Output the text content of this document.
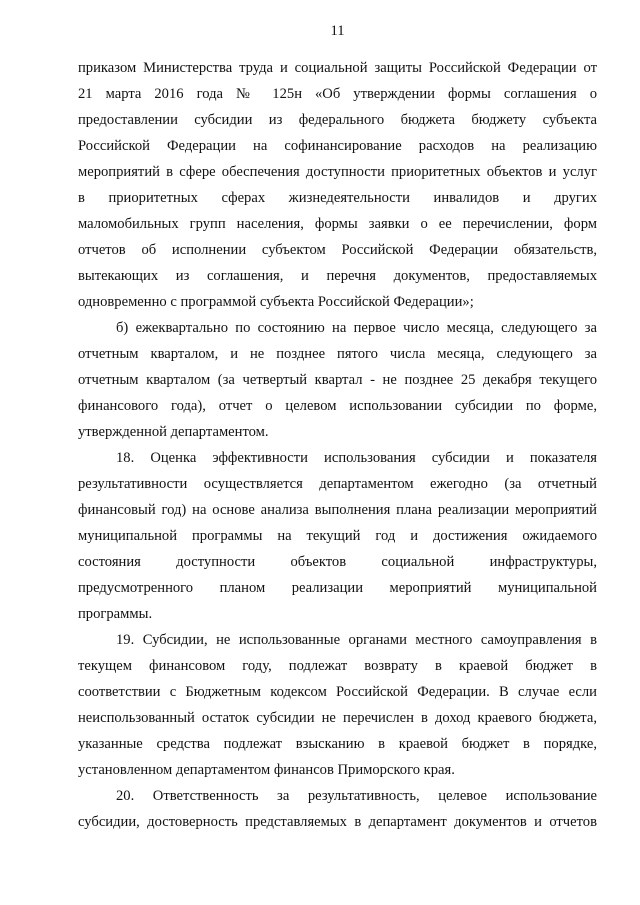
11
приказом Министерства труда и социальной защиты Российской Федерации от
21 марта 2016 года № 125н «Об утверждении формы соглашения о
предоставлении субсидии из федерального бюджета бюджету субъекта
Российской Федерации на софинансирование расходов на реализацию
мероприятий в сфере обеспечения доступности приоритетных объектов и услуг
в приоритетных сферах жизнедеятельности инвалидов и других
маломобильных групп населения, формы заявки о ее перечислении, форм
отчетов об исполнении субъектом Российской Федерации обязательств,
вытекающих из соглашения, и перечня документов, предоставляемых
одновременно с программой субъекта Российской Федерации»;
б) ежеквартально по состоянию на первое число месяца, следующего за
отчетным кварталом, и не позднее пятого числа месяца, следующего за
отчетным кварталом (за четвертый квартал - не позднее 25 декабря текущего
финансового года), отчет о целевом использовании субсидии по форме,
утвержденной департаментом.
18. Оценка эффективности использования субсидии и показателя
результативности осуществляется департаментом ежегодно (за отчетный
финансовый год) на основе анализа выполнения плана реализации мероприятий
муниципальной программы на текущий год и достижения ожидаемого
состояния доступности объектов социальной инфраструктуры,
предусмотренного планом реализации мероприятий муниципальной
программы.
19. Субсидии, не использованные органами местного самоуправления в
текущем финансовом году, подлежат возврату в краевой бюджет в
соответствии с Бюджетным кодексом Российской Федерации. В случае если
неиспользованный остаток субсидии не перечислен в доход краевого бюджета,
указанные средства подлежат взысканию в краевой бюджет в порядке,
установленном департаментом финансов Приморского края.
20. Ответственность за результативность, целевое использование
субсидии, достоверность представляемых в департамент документов и отчетов
